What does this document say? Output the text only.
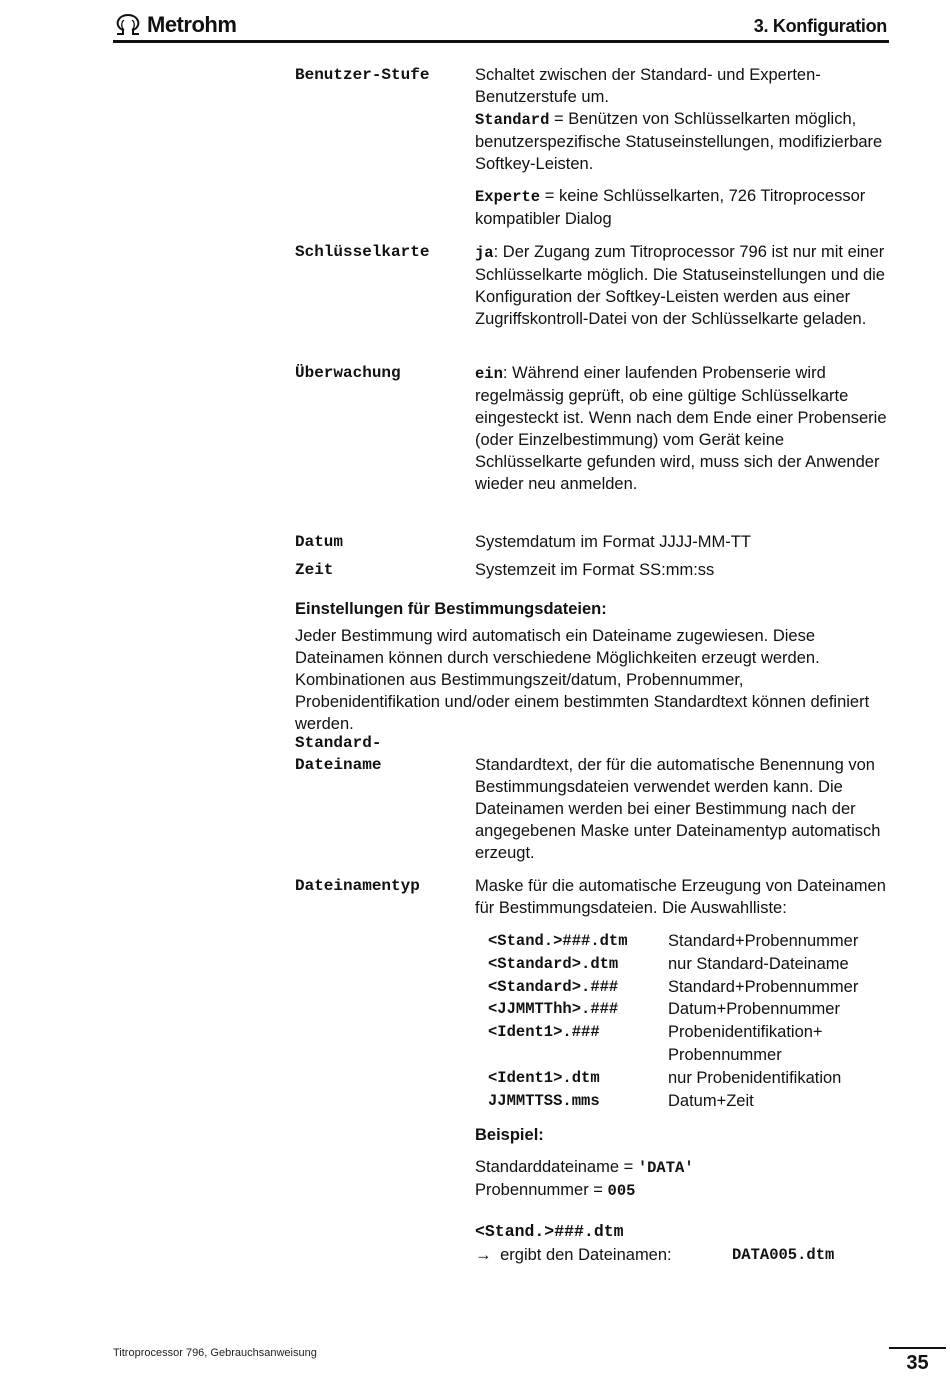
Metrohm	3. Konfiguration
Benutzer-Stufe	Schaltet zwischen der Standard- und Experten-Benutzerstufe um.

Standard = Benützen von Schlüsselkarten möglich, benutzerspezifische Statuseinstellungen, modifizierbare Softkey-Leisten.

Experte = keine Schlüsselkarten, 726 Titroprocessor kompatibler Dialog

Schlüsselkarte	ja: Der Zugang zum Titroprocessor 796 ist nur mit einer Schlüsselkarte möglich. Die Statuseinstellungen und die Konfiguration der Softkey-Leisten werden aus einer Zugriffskontroll-Datei von der Schlüsselkarte geladen.

Überwachung	ein: Während einer laufenden Probenserie wird regelmässig geprüft, ob eine gültige Schlüsselkarte eingesteckt ist. Wenn nach dem Ende einer Probenserie (oder Einzelbestimmung) vom Gerät keine Schlüsselkarte gefunden wird, muss sich der Anwender wieder neu anmelden.

Datum	Systemdatum im Format JJJJ-MM-TT
Zeit	Systemzeit im Format SS:mm:ss
Einstellungen für Bestimmungsdateien:
Jeder Bestimmung wird automatisch ein Dateiname zugewiesen. Diese Dateinamen können durch verschiedene Möglichkeiten erzeugt werden. Kombinationen aus Bestimmungszeit/datum, Probennummer, Probenidentifikation und/oder einem bestimmten Standardtext können definiert werden.
Standard-
Dateiname	Standardtext, der für die automatische Benennung von Bestimmungsdateien verwendet werden kann. Die Dateinamen werden bei einer Bestimmung nach der angegebenen Maske unter Dateinamentyp automatisch erzeugt.
Dateinamentyp	Maske für die automatische Erzeugung von Dateinamen für Bestimmungsdateien. Die Auswahlliste:
<Stand.>###.dtm	Standard+Probennummer
<Standard>.dtm	nur Standard-Dateiname
<Standard>.###	Standard+Probennummer
<JJMMTThh>.###	Datum+Probennummer
<Ident1>.###	Probenidentifikation+ Probennummer
<Ident1>.dtm	nur Probenidentifikation
JJMMTTSS.mms	Datum+Zeit
Beispiel:
Standarddateiname = 'DATA'
Probennummer = 005
<Stand.>###.dtm
→ ergibt den Dateinamen:	DATA005.dtm
Titroprocessor 796, Gebrauchsanweisung	35
